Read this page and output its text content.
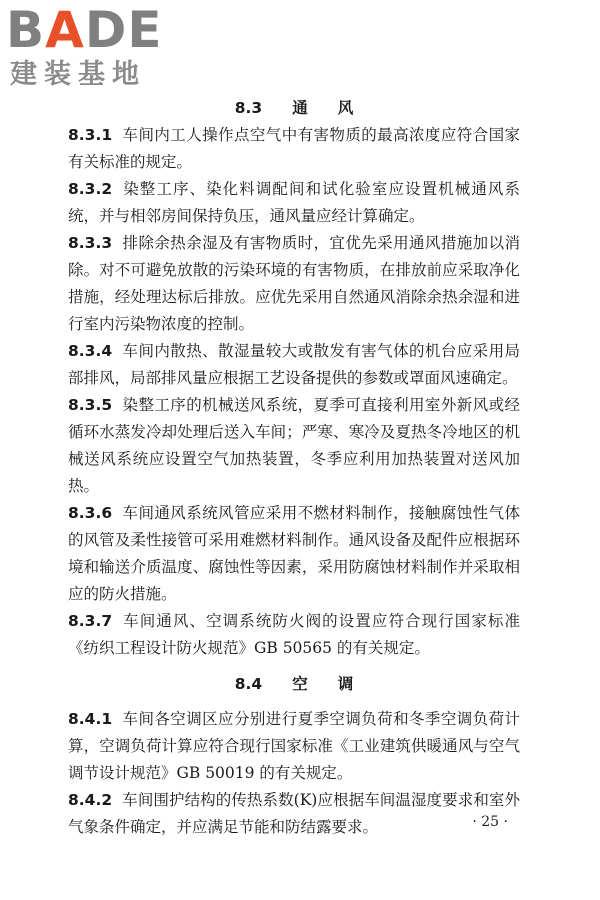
BADE
建装基地
8.3 通 风

8.3.1 车间内工人操作点空气中有害物质的最高浓度应符合国家有关标准的规定。

8.3.2 染整工序、染化料调配间和试化验室应设置机械通风系统，并与相邻房间保持负压，通风量应经计算确定。

8.3.3 排除余热余湿及有害物质时，宜优先采用通风措施加以消除。对不可避免放散的污染环境的有害物质，在排放前应采取净化措施，经处理达标后排放。应优先采用自然通风消除余热余湿和进行室内污染物浓度的控制。

8.3.4 车间内散热、散湿量较大或散发有害气体的机台应采用局部排风，局部排风量应根据工艺设备提供的参数或罩面风速确定。

8.3.5 染整工序的机械送风系统，夏季可直接利用室外新风或经循环水蒸发冷却处理后送入车间；严寒、寒冷及夏热冬冷地区的机械送风系统应设置空气加热装置，冬季应利用加热装置对送风加热。

8.3.6 车间通风系统风管应采用不燃材料制作，接触腐蚀性气体的风管及柔性接管可采用难燃材料制作。通风设备及配件应根据环境和输送介质温度、腐蚀性等因素，采用防腐蚀材料制作并采取相应的防火措施。

8.3.7 车间通风、空调系统防火阀的设置应符合现行国家标准《纺织工程设计防火规范》GB 50565 的有关规定。

8.4 空 调

8.4.1 车间各空调区应分别进行夏季空调负荷和冬季空调负荷计算，空调负荷计算应符合现行国家标准《工业建筑供暖通风与空气调节设计规范》GB 50019 的有关规定。

8.4.2 车间围护结构的传热系数(K)应根据车间温湿度要求和室外气象条件确定，并应满足节能和防结露要求。	· 25 ·
